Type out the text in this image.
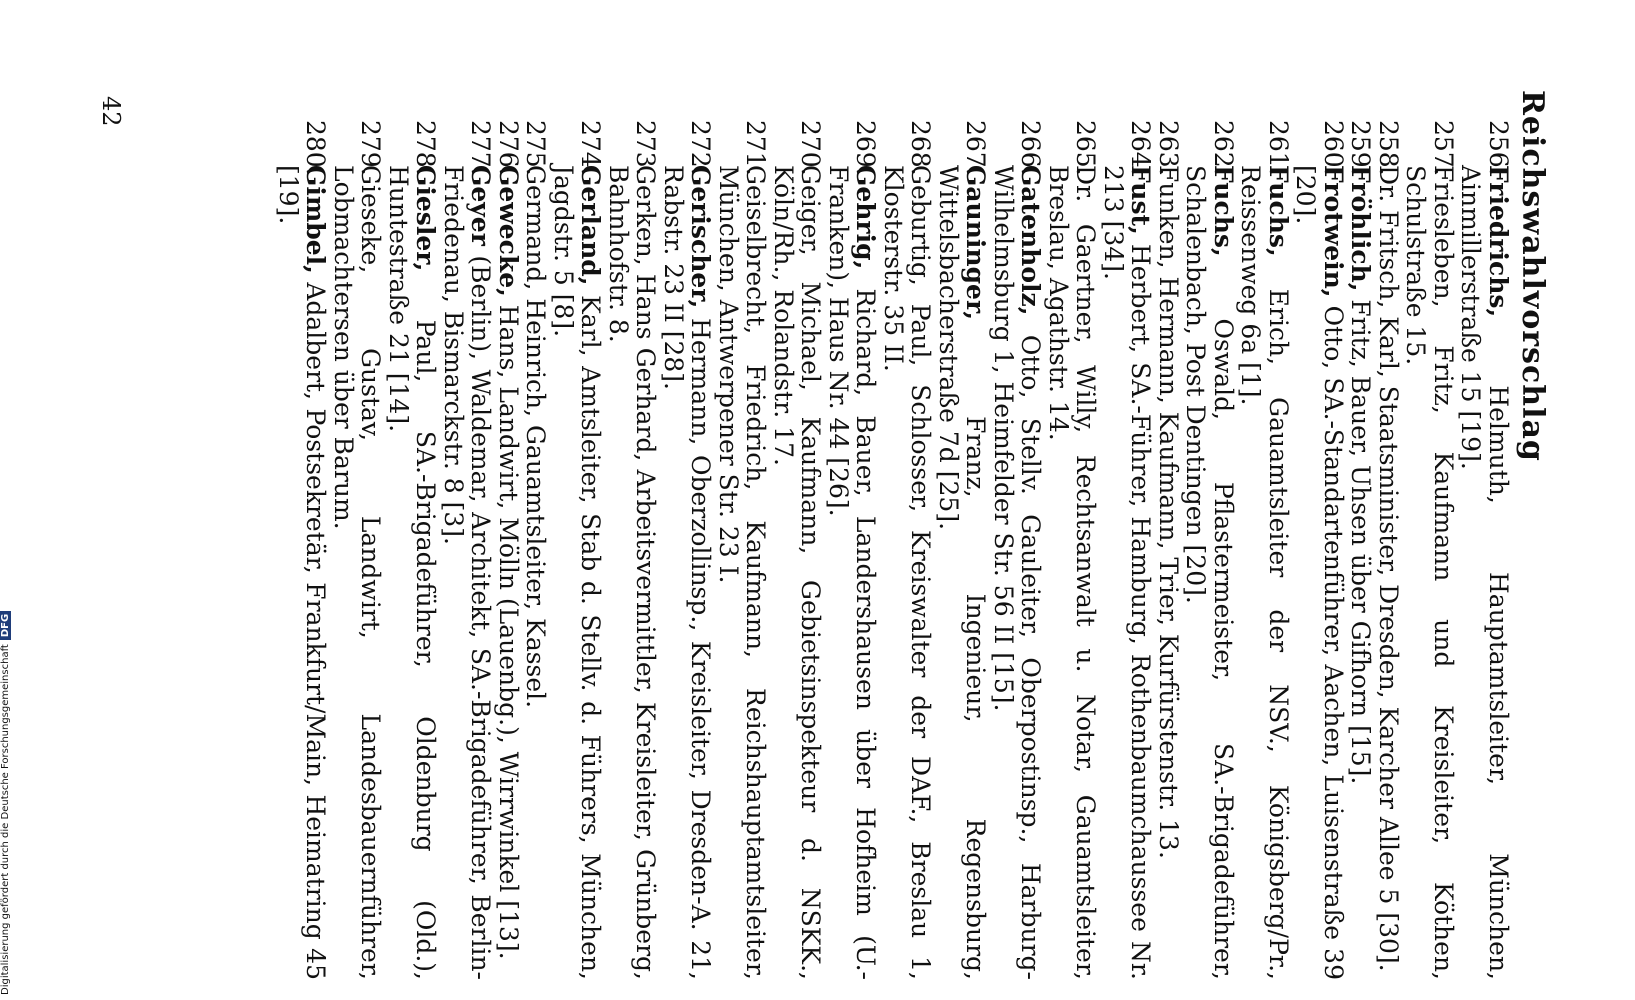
Reichswahlvorschlag
256.
Friedrichs, Helmuth, Hauptamtsleiter, München, Ainmillerstraße 15 [19].
257.
Friesleben, Fritz, Kaufmann und Kreisleiter, Köthen, Schulstraße 15.
258.
Dr. Fritsch, Karl, Staatsminister, Dresden, Karcher Allee 5 [30].
259.
Fröhlich, Fritz, Bauer, Uhsen über Gifhorn [15].
260.
Frotwein, Otto, SA.-Standartenführer, Aachen, Luisenstraße 39 [20].
261.
Fuchs, Erich, Gauamtsleiter der NSV., Königsberg/Pr., Reissenweg 6a [1].
262.
Fuchs, Oswald, Pflastermeister, SA.-Brigadeführer, Schalenbach, Post Dentingen [20].
263.
Funken, Hermann, Kaufmann, Trier, Kurfürstenstr. 13.
264.
Fust, Herbert, SA.-Führer, Hamburg, Rothenbaumchaussee Nr. 213 [34].
265.
Dr. Gaertner, Willy, Rechtsanwalt u. Notar, Gauamtsleiter, Breslau, Agathstr. 14.
266.
Gatenholz, Otto, Stellv. Gauleiter, Oberpostinsp., Harburg-Wilhelmsburg 1, Heimfelder Str. 56 II [15].
267.
Gauninger, Franz, Ingenieur, Regensburg, Wittelsbacherstraße 7d [25].
268.
Geburtig, Paul, Schlosser, Kreiswalter der DAF., Breslau 1, Klosterstr. 35 II.
269.
Gehrig, Richard, Bauer, Landershausen über Hofheim (U.-Franken), Haus Nr. 44 [26].
270.
Geiger, Michael, Kaufmann, Gebietsinspekteur d. NSKK., Köln/Rh., Rolandstr. 17.
271.
Geiselbrecht, Friedrich, Kaufmann, Reichshauptamtsleiter, München, Antwerpener Str. 23 I.
272.
Gerischer, Hermann, Oberzollinsp., Kreisleiter, Dresden-A. 21, Rabstr. 23 II [28].
273.
Gerken, Hans Gerhard, Arbeitsvermittler, Kreisleiter, Grünberg, Bahnhofstr. 8.
274.
Gerland, Karl, Amtsleiter, Stab d. Stellv. d. Führers, München, Jagdstr. 5 [8].
275.
Germand, Heinrich, Gauamtsleiter, Kassel.
276.
Gewecke, Hans, Landwirt, Mölln (Lauenbg.), Wirrwinkel [13].
277.
Geyer (Berlin), Waldemar, Architekt, SA.-Brigadeführer, Berlin-Friedenau, Bismarckstr. 8 [3].
278.
Giesler, Paul, SA.-Brigadeführer, Oldenburg (Old.), Huntestraße 21 [14].
279.
Gieseke, Gustav, Landwirt, Landesbauernführer, Lobmachtersen über Barum.
280.
Gimbel, Adalbert, Postsekretär, Frankfurt/Main, Heimatring 45 [19].
42
Digitalisierung gefördert durch die Deutsche ForschungsgemeinschaftDFG
